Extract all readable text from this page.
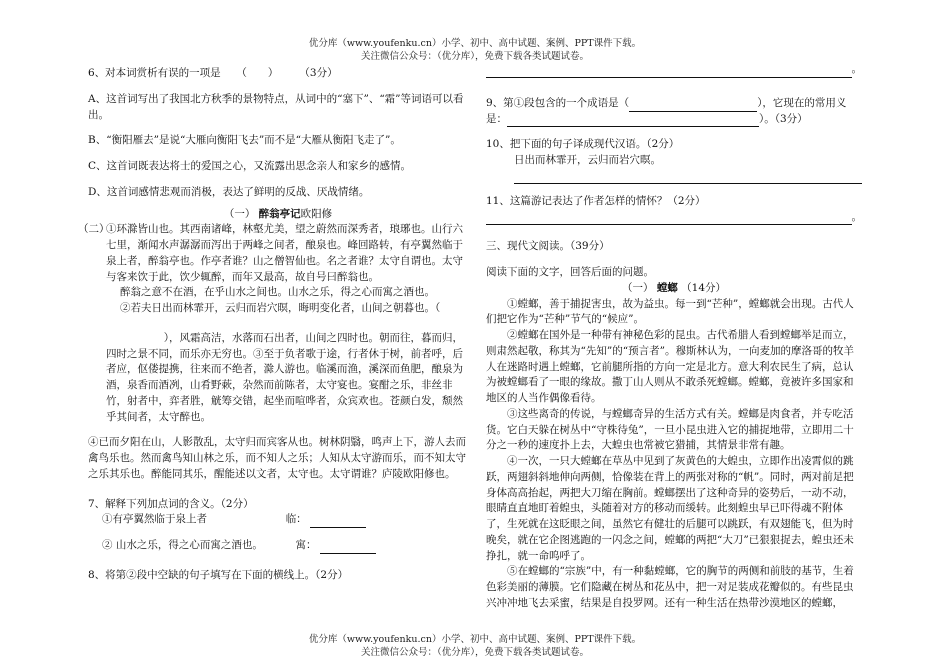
优分库（www.youfenku.cn）小学、初中、高中试题、案例、PPT课件下载。
关注微信公众号：（优分库），免费下载各类试题试卷。

6、对本词赏析有误的一项是　　（　　）　　　（3分）

A、这首词写出了我国北方秋季的景物特点，从词中的“塞下”、“霜”等词语可以看出。

B、“衡阳雁去”是说“大雁向衡阳飞去”而不是“大雁从衡阳飞走了”。

C、这首词既表达将士的爱国之心，又流露出思念亲人和家乡的感情。

D、这首词感情悲观而消极，表达了鲜明的反战、厌战情绪。

（一） 醉翁亭记欧阳修

（二）

①环滁皆山也。其西南诸峰，林壑尤美，望之蔚然而深秀者，琅琊也。山行六七里，渐闻水声潺潺而泻出于两峰之间者，酿泉也。峰回路转，有亭翼然临于泉上者，醉翁亭也。作亭者谁？山之僧智仙也。名之者谁？太守自谓也。太守与客来饮于此，饮少辄醉，而年又最高，故自号曰醉翁也。

醉翁之意不在酒，在乎山水之间也。山水之乐，得之心而寓之酒也。

②若夫日出而林霏开，云归而岩穴暝，晦明变化者，山间之朝暮也。（

），风霜高洁，水落而石出者，山间之四时也。朝而往，暮而归，四时之景不同，而乐亦无穷也。③至于负者歌于途，行者休于树，前者呼，后者应，伛偻提携，往来而不绝者，滁人游也。临溪而渔，溪深而鱼肥，酿泉为酒，泉香而酒冽，山肴野蔌，杂然而前陈者，太守宴也。宴酣之乐，非丝非竹，射者中，弈者胜，觥筹交错，起坐而喧哗者，众宾欢也。苍颜白发，颓然乎其间者，太守醉也。

④已而夕阳在山，人影散乱，太守归而宾客从也。树林阴翳，鸣声上下，游人去而禽鸟乐也。然而禽鸟知山林之乐，而不知人之乐；人知从太守游而乐，而不知太守之乐其乐也。醉能同其乐，醒能述以文者，太守也。太守谓谁？庐陵欧阳修也。

7、解释下列加点词的含义。（2分）

①有亭翼然临于泉上者	临：

② 山水之乐，得之心而寓之酒也。	寓：

8、将第②段中空缺的句子填写在下面的横线上。（2分）

。

9、第①段包含的一个成语是（	），它现在的常用义是：	）。（3分）

10、把下面的句子译成现代汉语。（2分）

日出而林霏开，云归而岩穴暝。

11、这篇游记表达了作者怎样的情怀？（2分）

。

三、现代文阅读。（39分）

阅读下面的文字，回答后面的问题。

（一） 螳螂 （14分）

①螳螂，善于捕捉害虫，故为益虫。每一到“芒种”，螳螂就会出现。古代人们把它作为“芒种”节气的“候应”。

②螳螂在国外是一种带有神秘色彩的昆虫。古代希腊人看到螳螂举足而立，则肃然起敬，称其为“先知”的“预言者”。穆斯林认为，一向麦加的摩洛哥的牧羊人在迷路时遇上螳螂，它前腿所指的方向一定是北方。意大利农民生了病，总认为被螳螂看了一眼的缘故。撒丁山人则从不敢杀死螳螂。螳螂，竟被许多国家和地区的人当作偶像看待。

③这些离奇的传说，与螳螂奇异的生活方式有关。螳螂是肉食者，并专吃活货。它白天躲在树丛中“守株待兔”，一旦小昆虫进入它的捕捉地带，立即用二十分之一秒的速度扑上去，大蝗虫也常被它猎捕，其情景非常有趣。

④一次，一只大螳螂在草丛中见到了灰黄色的大蝗虫，立即作出凌霄似的跳跃，两翅斜斜地伸向两侧，恰像装在背上的两张对称的“帆”。同时，两对前足把身体高高抬起，两把大刀缩在胸前。螳螂摆出了这种奇异的姿势后，一动不动，眼睛直直地盯着蝗虫，头随着对方的移动而缓转。此刻蝗虫早已吓得魂不附体了，生死就在这眨眼之间，虽然它有健壮的后腿可以跳跃，有双翅能飞，但为时晚矣，就在它企图逃跑的一闪念之间，螳螂的两把“大刀”已狠狠捉去，蝗虫还未挣扎，就一命呜呼了。

⑤在螳螂的“宗族”中，有一种黏螳螂，它的胸节的两侧和前肢的基节，生着色彩美丽的薄膜。它们隐藏在树丛和花丛中，把一对足装成花瓣似的。有些昆虫兴冲冲地飞去采蜜，结果是自投罗网。还有一种生活在热带沙漠地区的螳螂，

优分库（www.youfenku.cn）小学、初中、高中试题、案例、PPT课件下载。
关注微信公众号：（优分库），免费下载各类试题试卷。
